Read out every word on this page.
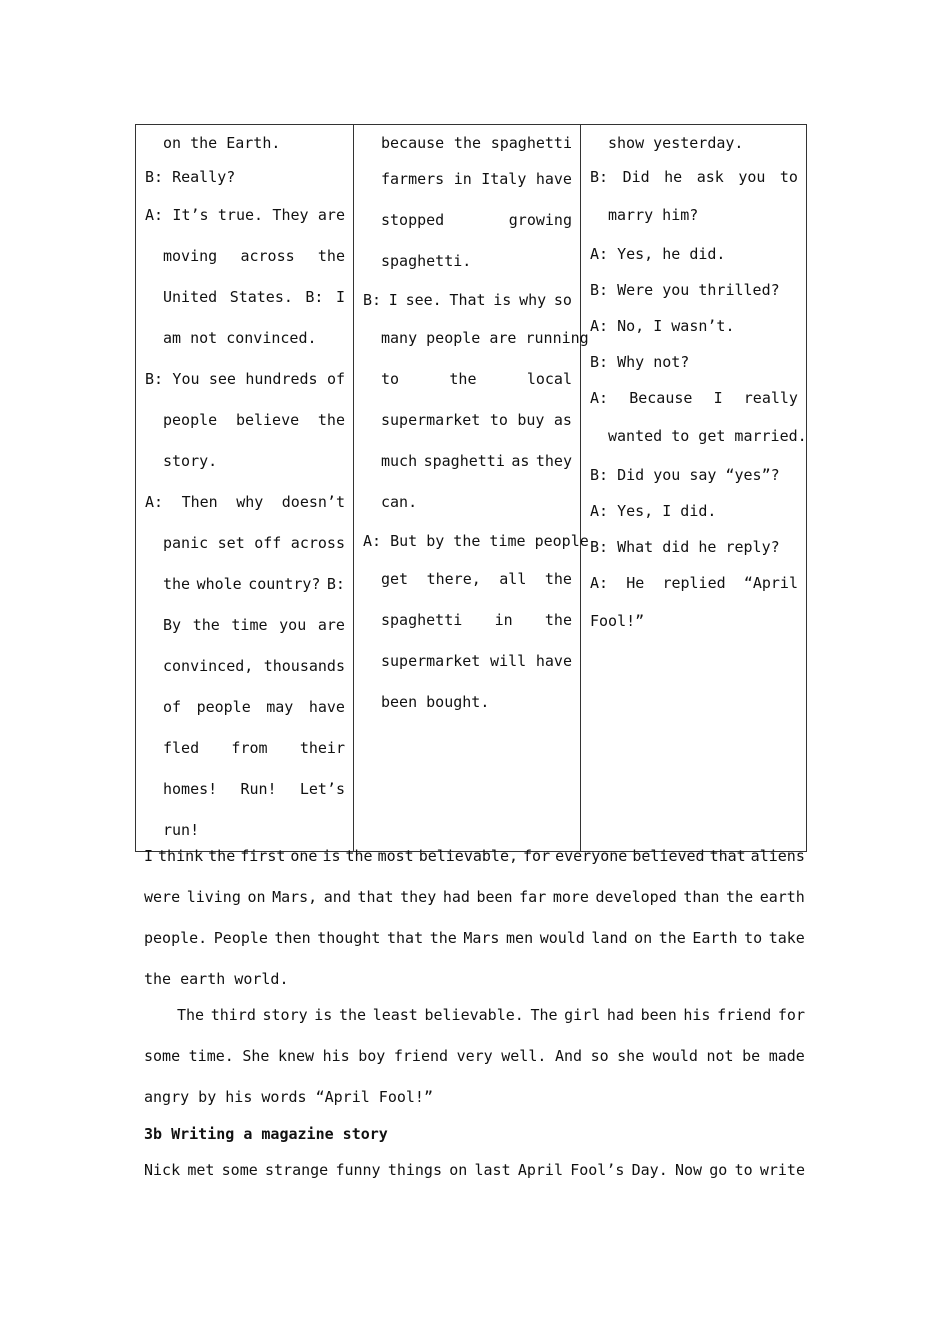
on the Earth.
B: Really?
A: It’s true. They are
moving across the
United States. B: I
am not convinced.
B: You see hundreds of
people believe the
story.
A: Then why doesn’t
panic set off across
the whole country? B:
By the time you are
convinced, thousands
of people may have
fled from their
homes! Run! Let’s
run!

because the spaghetti
farmers in Italy have
stopped	growing
spaghetti.
B: I see. That is why so
many people are running
to	the	local
supermarket to buy as
much spaghetti as they
can.
A: But by the time people
get there, all the
spaghetti in the
supermarket will have
been bought.

show yesterday.
B: Did he ask you to
marry him?
A: Yes, he did.
B: Were you thrilled?
A: No, I wasn’t.
B: Why not?
A: Because I really
wanted to get married.
B: Did you say “yes”?
A: Yes, I did.
B: What did he reply?
A: He replied “April
Fool!”
I think the first one is the most believable, for everyone believed that aliens
were living on Mars, and that they had been far more developed than the earth
people. People then thought that the Mars men would land on the Earth to take
the earth world.
The third story is the least believable. The girl had been his friend for
some time. She knew his boy friend very well. And so she would not be made
angry by his words “April Fool!”
3b Writing a magazine story
Nick met some strange funny things on last April Fool’s Day. Now go to write
